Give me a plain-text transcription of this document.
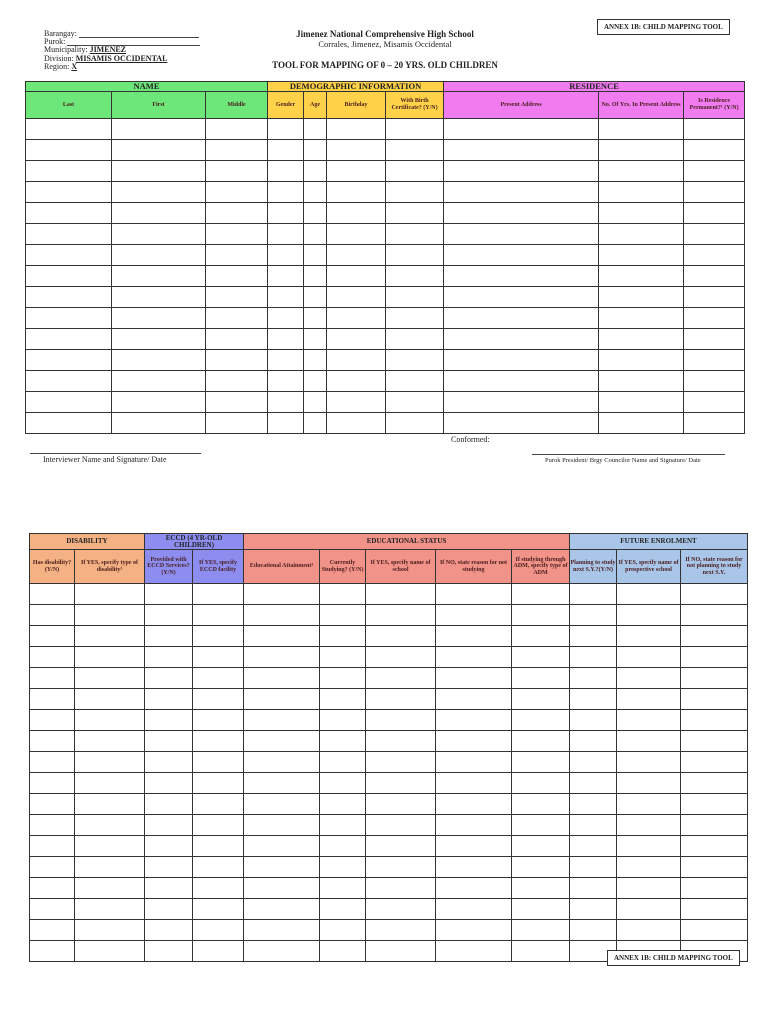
ANNEX 1B: CHILD MAPPING TOOL
Barangay:
Purok:
Municipality: JIMENEZ
Division: MISAMIS OCCIDENTAL
Region: X
Jimenez National Comprehensive High School
Corrales, Jimenez, Misamis Occidental
TOOL FOR MAPPING OF 0 – 20 YRS. OLD CHILDREN
NAME			DEMOGRAPHIC INFORMATION				RESIDENCE		
Last	First	Middle	Gender	Age	Birthday	With Birth Certificate? (Y/N)	Present Address	No. Of Yrs. In Present Address	Is Residence Permanent?¹ (Y/N)

Conformed:
Interviewer Name and Signature/ Date	Purok President/ Brgy Councilor Name and Signature/ Date
DISABILITY		ECCD (4 YR-OLD CHILDREN)		EDUCATIONAL STATUS					FUTURE ENROLMENT		
Has disability? (Y/N)	If YES, specify type of disability²	Provided with ECCD Services? (Y/N)	If YES, specify ECCD facility	Educational Attainment³	Currently Studying? (Y/N)	If YES, specify name of school	If NO, state reason for not studying	If studying through ADM, specify type of ADM	Planning to study next S.Y.?(Y/N)	If YES, specify name of prospective school	If NO, state reason for not planning to study next S.Y.

ANNEX 1B: CHILD MAPPING TOOL
